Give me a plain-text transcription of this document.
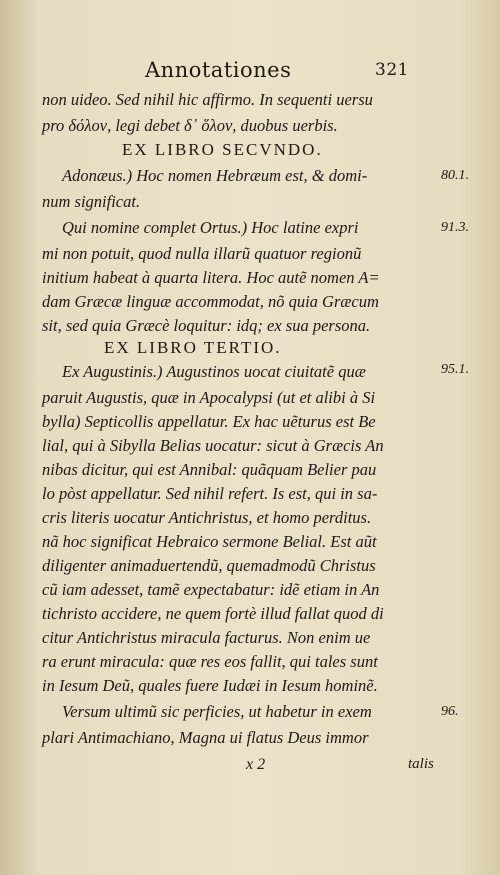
Annotationes	321
non uideo. Sed nihil hic affirmo. In sequenti uersu
pro δόλον, legi debet δ᾽ ὅλον, duobus uerbis.
EX LIBRO SECVNDO.
Adonæus.) Hoc nomen Hebræum est, & domi-	80.1.
num significat.
Qui nomine complet Ortus.) Hoc latine expri	91.3.
mi non potuit, quod nulla illarũ quatuor regionũ
initium habeat à quarta litera. Hoc autẽ nomen A=
dam Græcæ linguæ accommodat, nõ quia Græcum
sit, sed quia Græcè loquitur: idq; ex sua persona.
EX LIBRO TERTIO.
Ex Augustinis.) Augustinos uocat ciuitatẽ quæ	95.1.
paruit Augustis, quæ in Apocalypsi (ut et alibi à Si
bylla) Septicollis appellatur. Ex hac uẽturus est Be
lial, qui à Sibylla Belias uocatur: sicut à Græcis An
nibas dicitur, qui est Annibal: quãquam Belier pau
lo pòst appellatur. Sed nihil refert. Is est, qui in sa-
cris literis uocatur Antichristus, et homo perditus.
nã hoc significat Hebraico sermone Belial. Est aũt
diligenter animaduertendũ, quemadmodũ Christus
cũ iam adesset, tamẽ expectabatur: idẽ etiam in An
tichristo accidere, ne quem fortè illud fallat quod di
citur Antichristus miracula facturus. Non enim ue
ra erunt miracula: quæ res eos fallit, qui tales sunt
in Iesum Deũ, quales fuere Iudæi in Iesum hominẽ.
Versum ultimũ sic perficies, ut habetur in exem	96.
plari Antimachiano, Magna ui flatus Deus immor
x 2	talis
